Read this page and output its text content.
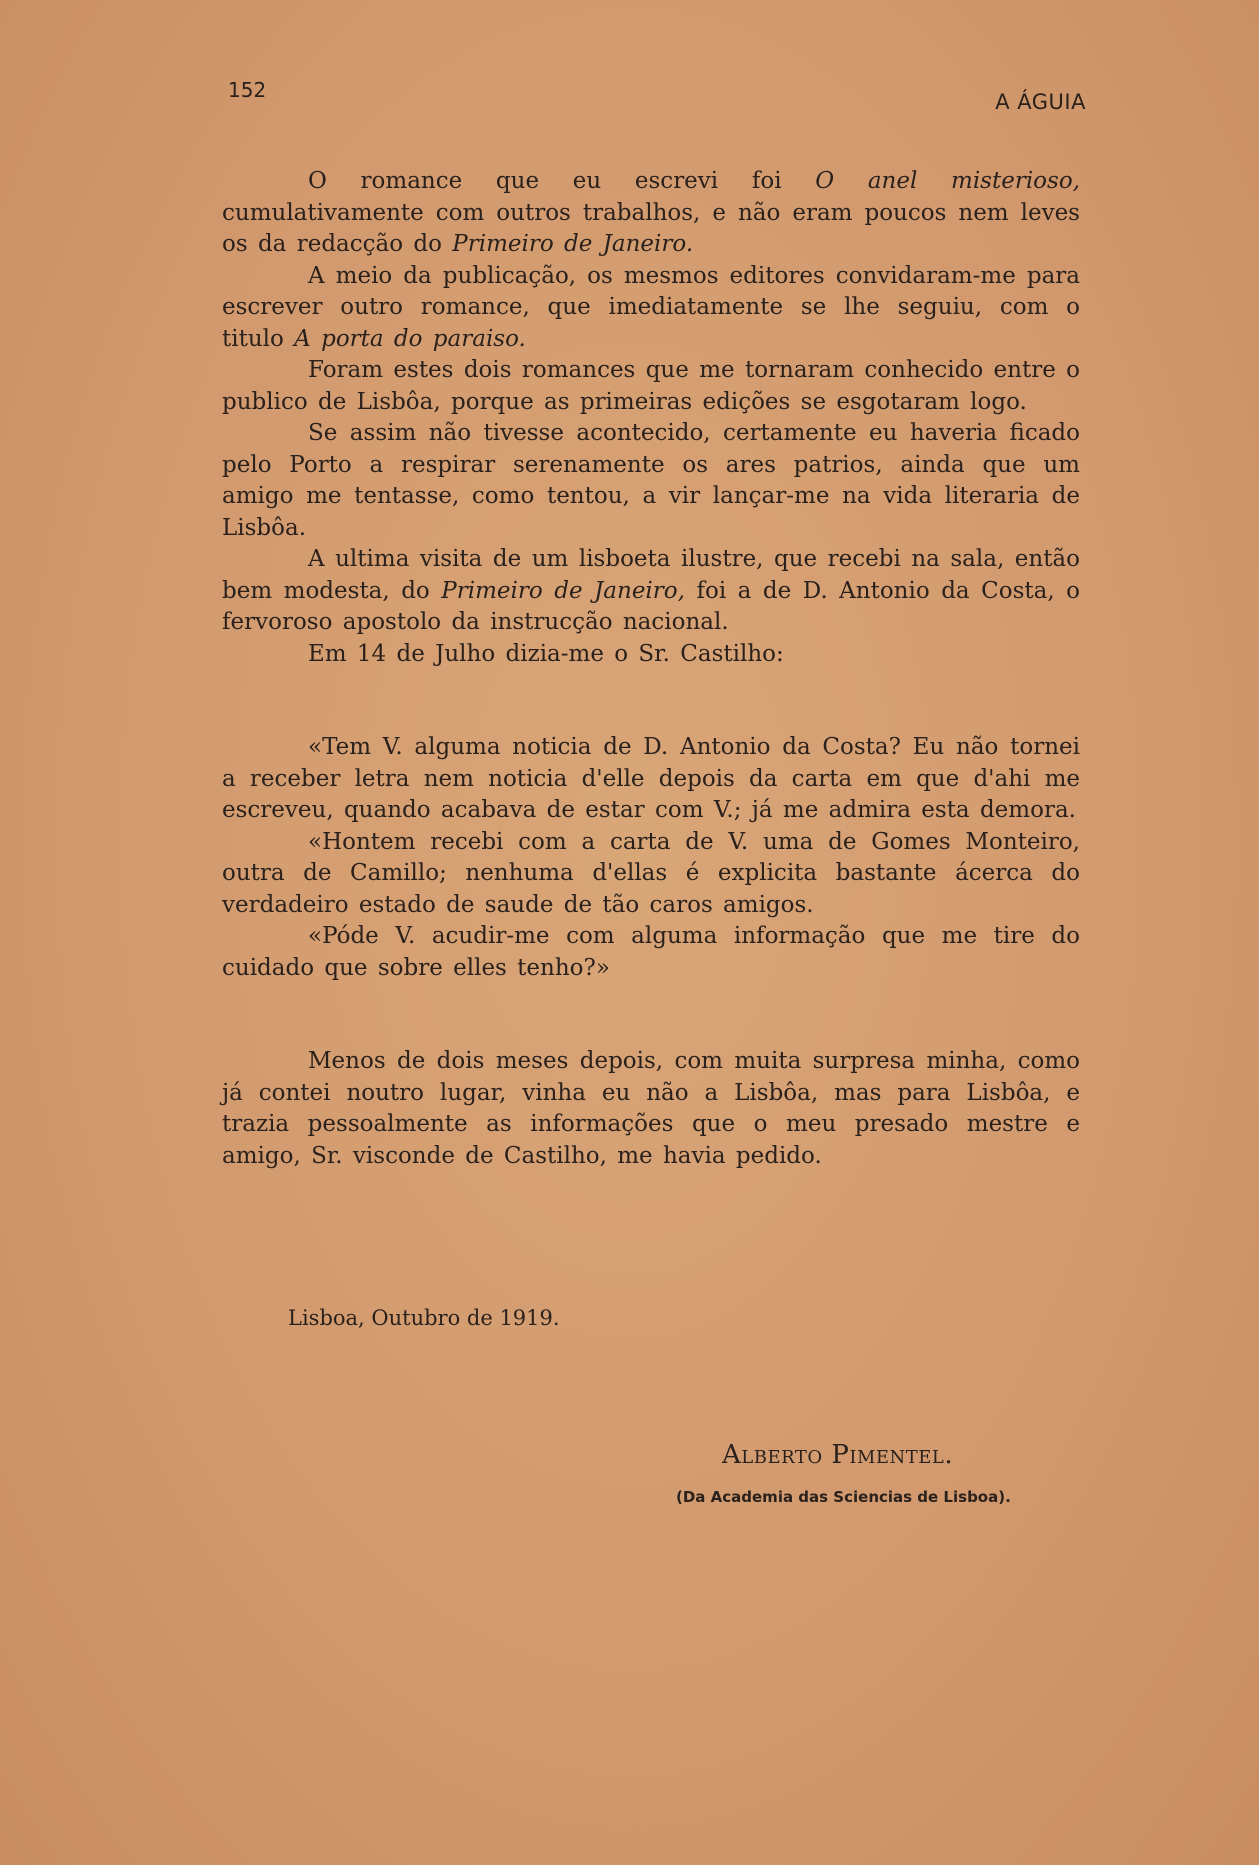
152	A ÁGUIA

O romance que eu escrevi foi O anel misterioso, cumulativamente com outros trabalhos, e não eram poucos nem leves os da redacção do Primeiro de Janeiro.

A meio da publicação, os mesmos editores convidaram-me para escrever outro romance, que imediatamente se lhe seguiu, com o titulo A porta do paraiso.

Foram estes dois romances que me tornaram conhecido entre o publico de Lisbôa, porque as primeiras edições se esgotaram logo.

Se assim não tivesse acontecido, certamente eu haveria ficado pelo Porto a respirar serenamente os ares patrios, ainda que um amigo me tentasse, como tentou, a vir lançar-me na vida literaria de Lisbôa.

A ultima visita de um lisboeta ilustre, que recebi na sala, então bem modesta, do Primeiro de Janeiro, foi a de D. Antonio da Costa, o fervoroso apostolo da instrucção nacional.

Em 14 de Julho dizia-me o Sr. Castilho:

«Tem V. alguma noticia de D. Antonio da Costa? Eu não tornei a receber letra nem noticia d'elle depois da carta em que d'ahi me escreveu, quando acabava de estar com V.; já me admira esta demora.

«Hontem recebi com a carta de V. uma de Gomes Monteiro, outra de Camillo; nenhuma d'ellas é explicita bastante ácerca do verdadeiro estado de saude de tão caros amigos.

«Póde V. acudir-me com alguma informação que me tire do cuidado que sobre elles tenho?»

Menos de dois meses depois, com muita surpresa minha, como já contei noutro lugar, vinha eu não a Lisbôa, mas para Lisbôa, e trazia pessoalmente as informações que o meu presado mestre e amigo, Sr. visconde de Castilho, me havia pedido.

Lisboa, Outubro de 1919.
Alberto Pimentel.
(Da Academia das Sciencias de Lisboa).
